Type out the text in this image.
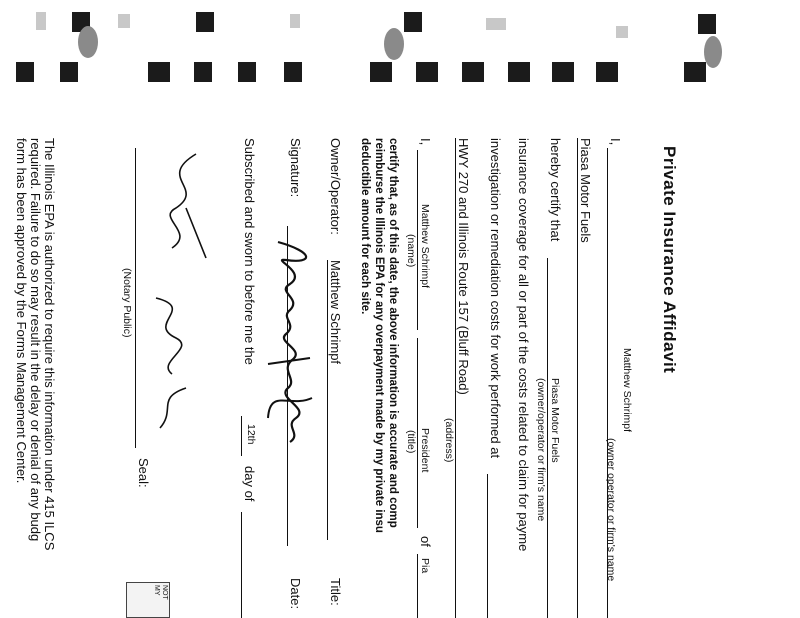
Private Insurance Affidavit
I,
Matthew Schrimpf
(owner operator or firm's name
Piasa Motor Fuels
hereby certify that
Piasa Motor Fuels
(owner/operator or firm's name
insurance coverage for all or part of the costs related to claim for payme
investigation or remediation costs for work performed at
HWY 270 and Illinois Route 157 (Bluff Road)
(address)
I,
Matthew Schrimpf
(name)
President
(title)
of
Pia
certify that, as of this date, the above information is accurate and comp
reimburse the Illinois EPA for any overpayment made by my private insu
deductible amount for each site.
Owner/Operator:
Matthew Schrimpf
Title:
Signature:
Date:
Subscribed and sworn to before me the
12th
day of
(Notary Public)
Seal:
NOT
MY
The Illinois EPA is authorized to require this information under 415 ILCS
required. Failure to do so may result in the delay or denial of any budg
form has been approved by the Forms Management Center.
